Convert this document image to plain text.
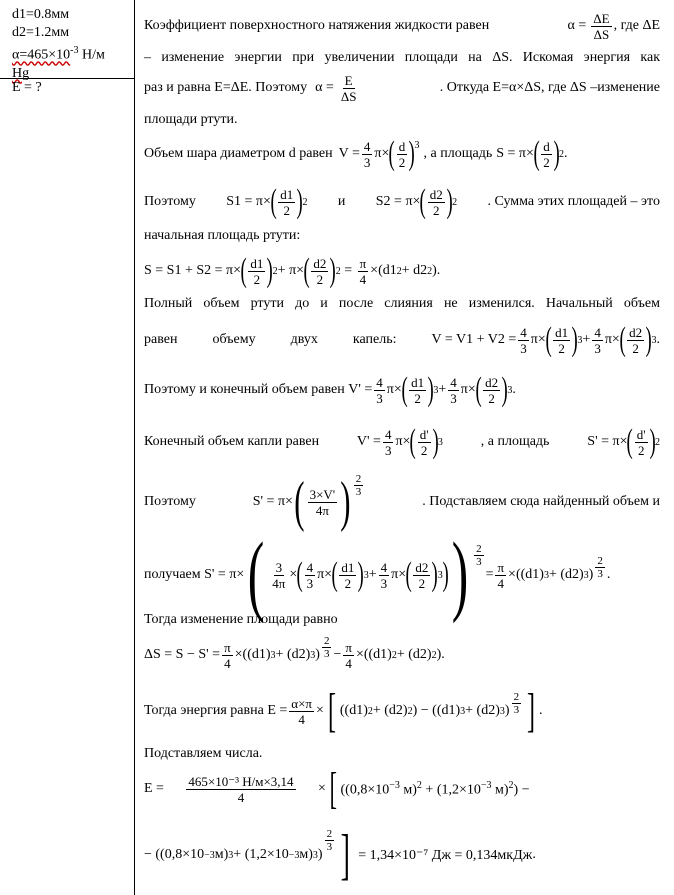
d1=0.8мм
d2=1.2мм
$\alpha=465\times 10^{-3}$ Н/м
Hg
E = ?
Коэффициент поверхностного натяжения жидкости равен	$\alpha = \frac{\Delta E}{\Delta S}$ , где ΔE
– изменение энергии при увеличении площади на ΔS. Искомая энергия как
раз и равна E=ΔE. Поэтому $\alpha = \frac{E}{\Delta S}$	. Откуда E=α×ΔS, где ΔS –изменение
площади ртути.
Объем шара диаметром d равен $V = \frac{4}{3} \pi\times$ ( $\frac{d}{2} )^3$
, а площадь S = π× ( $\frac{d}{2}$ ) 2 .
Поэтому S1 = π× ( $\frac{d1}{2}$ ) 2 и S2 = π× ( $\frac{d2}{2}$ ) 2 . Сумма этих площадей – это
начальная площадь ртути:
S = S1 + S2 = π× ( $\frac{d1}{2}$ ) 2 + π× ( $\frac{d2}{2}$ ) $2 = \frac{\pi}{4} \times(d1$ 2 + d2 2 ).
Полный объем ртути до и после слияния не изменился. Начальный объем
равен	объему	двух	капель:	$V = V1 + V2 = \frac{4}{3} \pi\times$ ( $\frac{d1}{2}$ ) $3 + \frac{4}{3} \pi\times$ ( $\frac{d2}{2}$ ) 3 .
Поэтому и конечный объем равен $V' = \frac{4}{3} \pi\times$ ( $\frac{d1}{2}$ ) $3 + \frac{4}{3} \pi\times$ ( $\frac{d2}{2}$ ) 3 .
Конечный объем капли равен	$V' = \frac{4}{3} \pi\times$ ( $\frac{d'}{2}$ ) 3	, а площадь	S' = π× ( $\frac{d'}{2}$ ) 2
Поэтому	S' = π× ( $\frac{3\times V'}{4\pi}$ ) $\frac{2}{3}$
. Подставляем сюда найденный объем и
получаем S' = π× ( $\frac{3}{4\pi}$ × ( $\frac{4}{3} \pi\times$ ( $\frac{d1}{2}$ ) $3 + \frac{4}{3} \pi\times$ ( $\frac{d2}{2}$ ) 3 ) ) $\frac{2}{3}$
= $\frac{\pi}{4} \times((d1) 3 + (d2)$ 3 ) $\frac{2}{3}$ .
Тогда изменение площади равно
$\Delta S = S - S' = \frac{\pi}{4} \times((d1) 3 + (d2)$ 3 ) $\frac{2}{3} - \frac{\pi}{4} \times((d1) 2 + (d2)$ 2 ).
Тогда энергия равна $E = \frac{\alpha\times\pi}{4}$ × [ ((d1) 2 + (d2) 2 ) − ((d1) 3 + (d2) 3 ) $\frac{2}{3}$ ] .
Подставляем числа.
$E = \frac{\text{465×10⁻³ Н/м×3,14}}{4}$ × [ (($0,8\times 10^{-3}$ $м)^2 + (1,2\times 10^{-3}$ м)$^2$) −
− ((0,8×10 −3 м) 3 + (1,2×10 −3 м) 3 )
$\frac{2}{3}$ ]
= 1,34×10⁻⁷ Дж = 0,134мкДж .
